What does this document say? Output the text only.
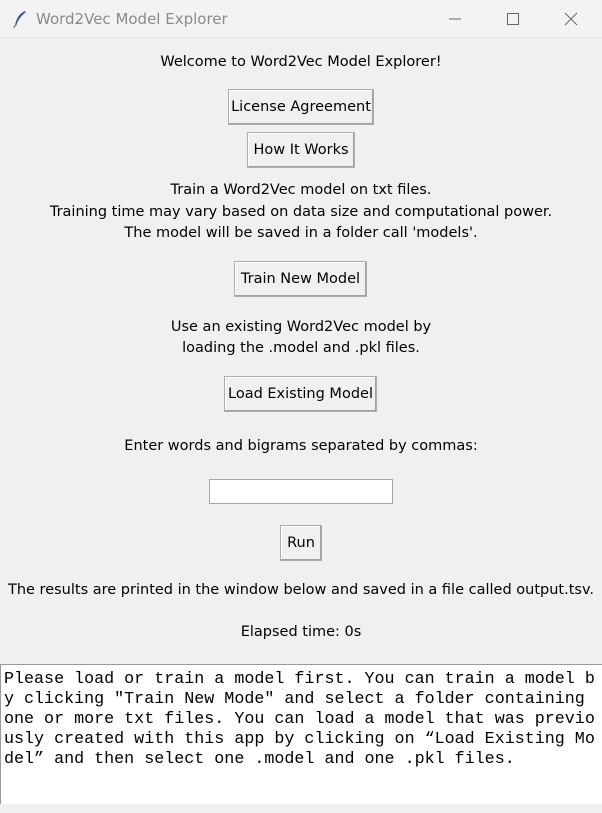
Word2Vec Model Explorer
Welcome to Word2Vec Model Explorer!
License Agreement
How It Works
Train a Word2Vec model on txt files.
Training time may vary based on data size and computational power.
The model will be saved in a folder call 'models'.
Train New Model
Use an existing Word2Vec model by
loading the .model and .pkl files.
Load Existing Model
Enter words and bigrams separated by commas:
Run
The results are printed in the window below and saved in a file called output.tsv.
Elapsed time: 0s
Please load or train a model first. You can train a model by clicking "Train New Mode" and select a folder containing one or more txt files. You can load a model that was previously created with this app by clicking on “Load Existing Model” and then select one .model and one .pkl files.
